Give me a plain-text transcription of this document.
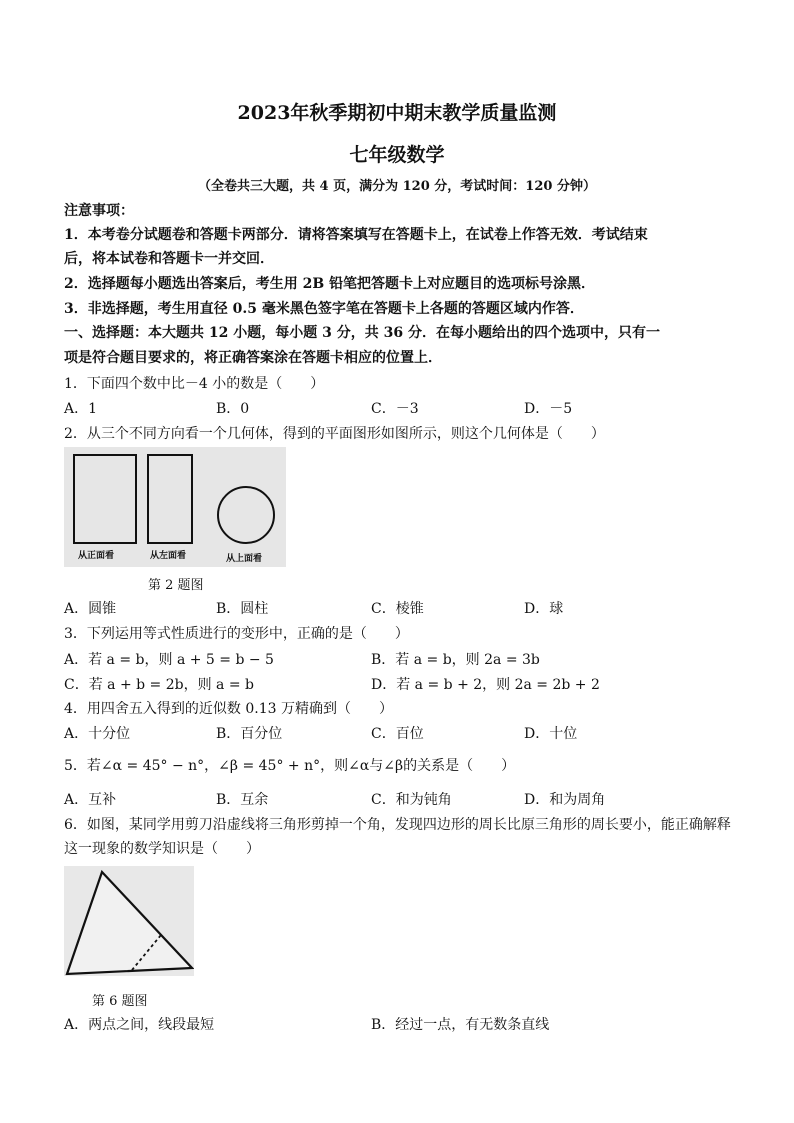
2023年秋季期初中期末教学质量监测
七年级数学
（全卷共三大题，共 4 页，满分为 120 分，考试时间：120 分钟）
注意事项：
1．本考卷分试题卷和答题卡两部分．请将答案填写在答题卡上，在试卷上作答无效．考试结束
后，将本试卷和答题卡一并交回．
2．选择题每小题选出答案后，考生用 2B 铅笔把答题卡上对应题目的选项标号涂黑．
3．非选择题，考生用直径 0.5 毫米黑色签字笔在答题卡上各题的答题区域内作答．
一、选择题：本大题共 12 小题，每小题 3 分，共 36 分．在每小题给出的四个选项中，只有一
项是符合题目要求的，将正确答案涂在答题卡相应的位置上．
1．下面四个数中比－4 小的数是（　　）
A．1	B．0	C．－3	D．－5
2．从三个不同方向看一个几何体，得到的平面图形如图所示，则这个几何体是（　　）
从正面看	从左面看	从上面看
第 2 题图
A．圆锥	B．圆柱	C．棱锥	D．球
3．下列运用等式性质进行的变形中，正确的是（　　）
A．若 a = b，则 a + 5 = b − 5	B．若 a = b，则 2a = 3b
C．若 a + b = 2b，则 a = b	D．若 a = b + 2，则 2a = 2b + 2
4．用四舍五入得到的近似数 0.13 万精确到（　　）
A．十分位	B．百分位	C．百位	D．十位
5．若∠α = 45° − n°，∠β = 45° + n°，则∠α与∠β的关系是（　　）
A．互补	B．互余	C．和为钝角	D．和为周角
6．如图，某同学用剪刀沿虚线将三角形剪掉一个角，发现四边形的周长比原三角形的周长要小，能正确解释
这一现象的数学知识是（　　）
第 6 题图
A．两点之间，线段最短	B．经过一点，有无数条直线
